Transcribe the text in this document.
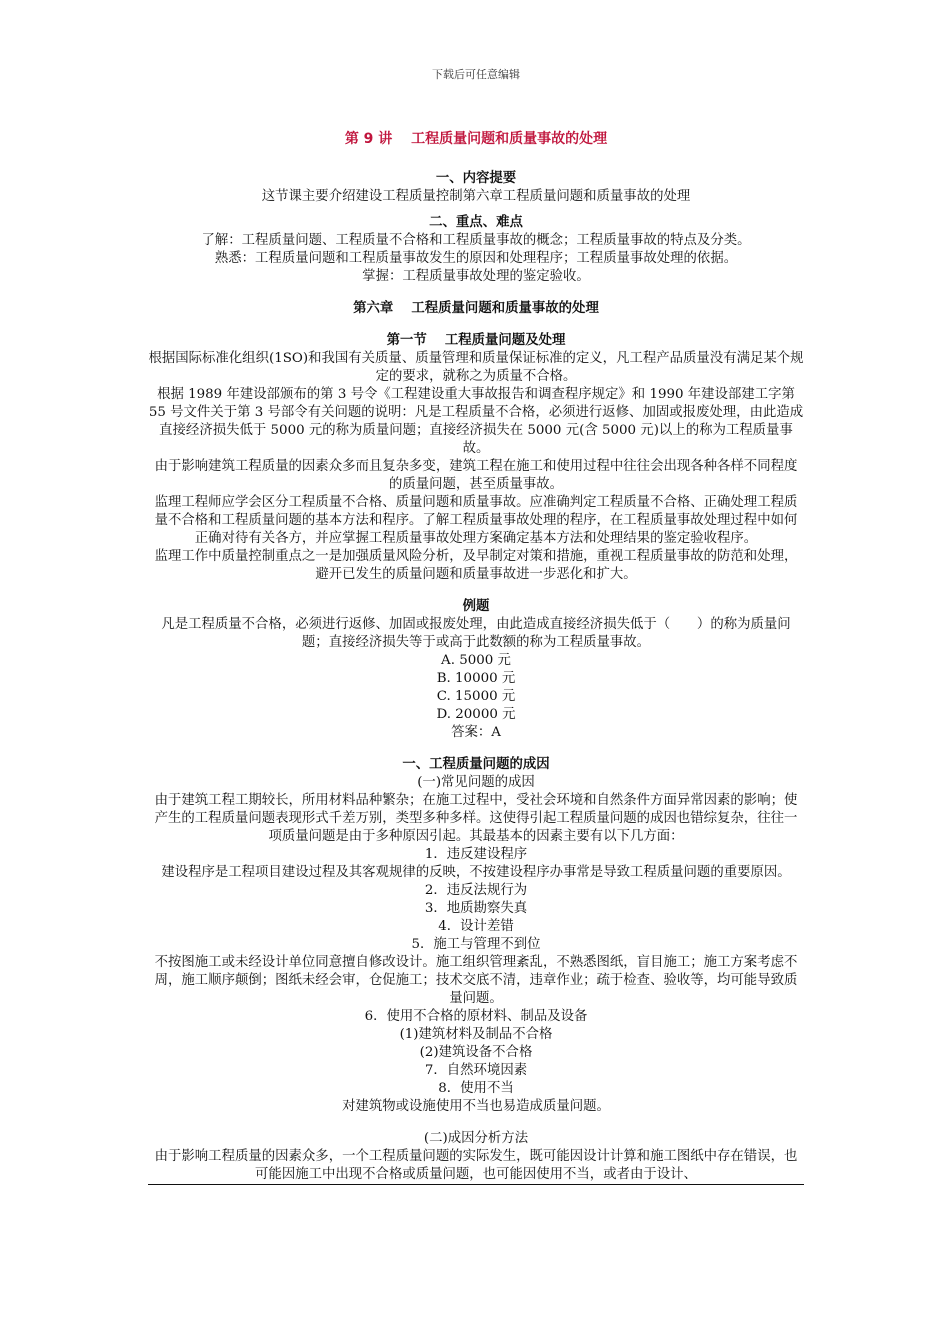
下载后可任意编辑
第 9 讲　 工程质量问题和质量事故的处理

一、内容提要

这节课主要介绍建设工程质量控制第六章工程质量问题和质量事故的处理

二、重点、难点

了解：工程质量问题、工程质量不合格和工程质量事故的概念；工程质量事故的特点及分类。

熟悉：工程质量问题和工程质量事故发生的原因和处理程序；工程质量事故处理的依据。

掌握：工程质量事故处理的鉴定验收。

第六章　 工程质量问题和质量事故的处理

第一节　 工程质量问题及处理

根据国际标准化组织(1SO)和我国有关质量、质量管理和质量保证标准的定义，凡工程产品质量没有满足某个规定的要求，就称之为质量不合格。

根据 1989 年建设部颁布的第 3 号令《工程建设重大事故报告和调查程序规定》和 1990 年建设部建工字第 55 号文件关于第 3 号部令有关问题的说明：凡是工程质量不合格，必须进行返修、加固或报废处理，由此造成直接经济损失低于 5000 元的称为质量问题；直接经济损失在 5000 元(含 5000 元)以上的称为工程质量事故。

由于影响建筑工程质量的因素众多而且复杂多变，建筑工程在施工和使用过程中往往会出现各种各样不同程度的质量问题，甚至质量事故。

监理工程师应学会区分工程质量不合格、质量问题和质量事故。应准确判定工程质量不合格、正确处理工程质量不合格和工程质量问题的基本方法和程序。了解工程质量事故处理的程序，在工程质量事故处理过程中如何正确对待有关各方，并应掌握工程质量事故处理方案确定基本方法和处理结果的鉴定验收程序。

监理工作中质量控制重点之一是加强质量风险分析，及早制定对策和措施，重视工程质量事故的防范和处理，避开已发生的质量问题和质量事故进一步恶化和扩大。

例题

凡是工程质量不合格，必须进行返修、加固或报废处理，由此造成直接经济损失低于（　　）的称为质量问题；直接经济损失等于或高于此数额的称为工程质量事故。

A. 5000 元

B. 10000 元

C. 15000 元

D. 20000 元

答案：A

一、工程质量问题的成因

(一)常见问题的成因

由于建筑工程工期较长，所用材料品种繁杂；在施工过程中，受社会环境和自然条件方面异常因素的影响；使产生的工程质量问题表现形式千差万别，类型多种多样。这使得引起工程质量问题的成因也错综复杂，往往一项质量问题是由于多种原因引起。其最基本的因素主要有以下几方面：

1．违反建设程序

建设程序是工程项目建设过程及其客观规律的反映，不按建设程序办事常是导致工程质量问题的重要原因。

2．违反法规行为

3．地质勘察失真

4．设计差错

5．施工与管理不到位

不按图施工或未经设计单位同意擅自修改设计。施工组织管理紊乱，不熟悉图纸，盲目施工；施工方案考虑不周，施工顺序颠倒；图纸未经会审，仓促施工；技术交底不清，违章作业；疏于检查、验收等，均可能导致质量问题。

6．使用不合格的原材料、制品及设备

(1)建筑材料及制品不合格

(2)建筑设备不合格

7．自然环境因素

8．使用不当

对建筑物或设施使用不当也易造成质量问题。

(二)成因分析方法

由于影响工程质量的因素众多，一个工程质量问题的实际发生，既可能因设计计算和施工图纸中存在错误，也可能因施工中出现不合格或质量问题，也可能因使用不当，或者由于设计、
